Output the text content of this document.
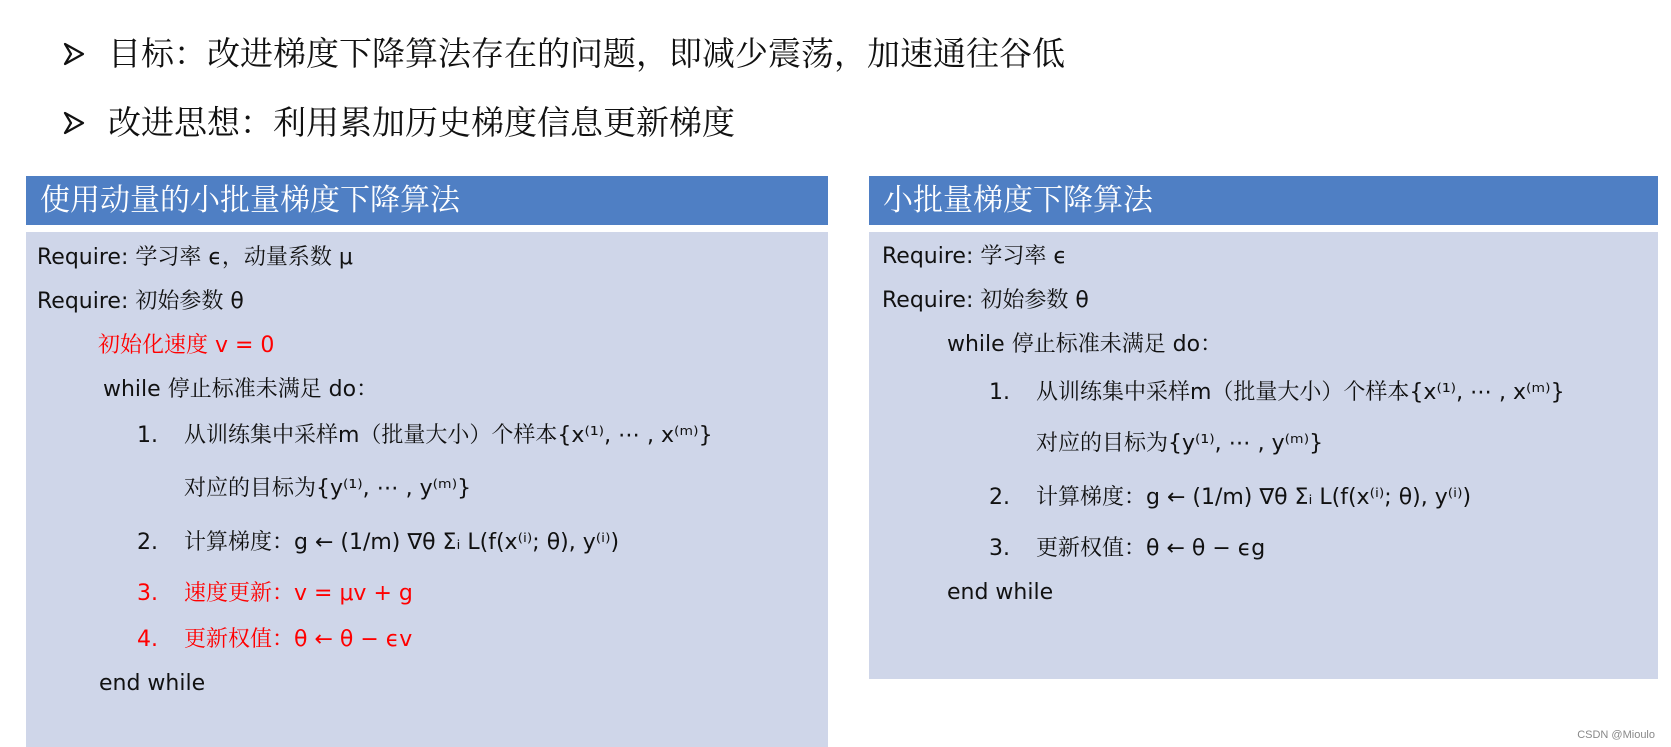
目标：改进梯度下降算法存在的问题，即减少震荡，加速通往谷低
改进思想：利用累加历史梯度信息更新梯度
使用动量的小批量梯度下降算法
Require: 学习率 ϵ，动量系数 μ
Require: 初始参数 θ
初始化速度 v = 0
while 停止标准未满足 do：
1. 从训练集中采样m（批量大小）个样本{x⁽¹⁾, ⋯ , x⁽ᵐ⁾}
对应的目标为{y⁽¹⁾, ⋯ , y⁽ᵐ⁾}
2. 计算梯度：g ← (1/m) ∇θ Σᵢ L(f(x⁽ⁱ⁾; θ), y⁽ⁱ⁾)
3. 速度更新：v = μv + g
4. 更新权值：θ ← θ − ϵv
end while
小批量梯度下降算法
Require: 学习率 ϵ
Require: 初始参数 θ
while 停止标准未满足 do：
1. 从训练集中采样m（批量大小）个样本{x⁽¹⁾, ⋯ , x⁽ᵐ⁾}
对应的目标为{y⁽¹⁾, ⋯ , y⁽ᵐ⁾}
2. 计算梯度：g ← (1/m) ∇θ Σᵢ L(f(x⁽ⁱ⁾; θ), y⁽ⁱ⁾)
3. 更新权值：θ ← θ − ϵg
end while
CSDN @Mioulo
